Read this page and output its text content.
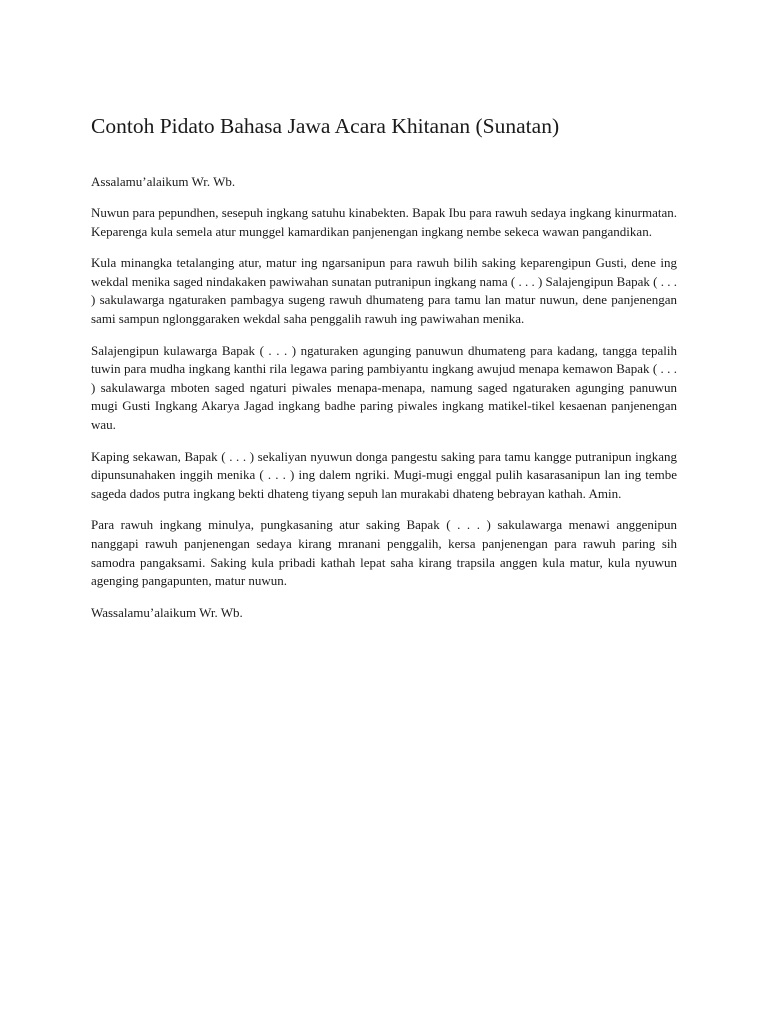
Contoh Pidato Bahasa Jawa Acara Khitanan (Sunatan)

Assalamu’alaikum Wr. Wb.

Nuwun para pepundhen, sesepuh ingkang satuhu kinabekten. Bapak Ibu para rawuh sedaya ingkang kinurmatan. Keparenga kula semela atur munggel kamardikan panjenengan ingkang nembe sekeca wawan pangandikan.

Kula minangka tetalanging atur, matur ing ngarsanipun para rawuh bilih saking keparengipun Gusti, dene ing wekdal menika saged nindakaken pawiwahan sunatan putranipun ingkang nama ( . . . ) Salajengipun Bapak ( . . . ) sakulawarga ngaturaken pambagya sugeng rawuh dhumateng para tamu lan matur nuwun, dene panjenengan sami sampun nglonggaraken wekdal saha penggalih rawuh ing pawiwahan menika.

Salajengipun kulawarga Bapak ( . . . ) ngaturaken agunging panuwun dhumateng para kadang, tangga tepalih tuwin para mudha ingkang kanthi rila legawa paring pambiyantu ingkang awujud menapa kemawon Bapak ( . . . ) sakulawarga mboten saged ngaturi piwales menapa-menapa, namung saged ngaturaken agunging panuwun mugi Gusti Ingkang Akarya Jagad ingkang badhe paring piwales ingkang matikel-tikel kesaenan panjenengan wau.

Kaping sekawan, Bapak ( . . . ) sekaliyan nyuwun donga pangestu saking para tamu kangge putranipun ingkang dipunsunahaken inggih menika ( . . . ) ing dalem ngriki. Mugi-mugi enggal pulih kasarasanipun lan ing tembe sageda dados putra ingkang bekti dhateng tiyang sepuh lan murakabi dhateng bebrayan kathah. Amin.

Para rawuh ingkang minulya, pungkasaning atur saking Bapak ( . . . ) sakulawarga menawi anggenipun nanggapi rawuh panjenengan sedaya kirang mranani penggalih, kersa panjenengan para rawuh paring sih samodra pangaksami. Saking kula pribadi kathah lepat saha kirang trapsila anggen kula matur, kula nyuwun agenging pangapunten, matur nuwun.

Wassalamu’alaikum Wr. Wb.
